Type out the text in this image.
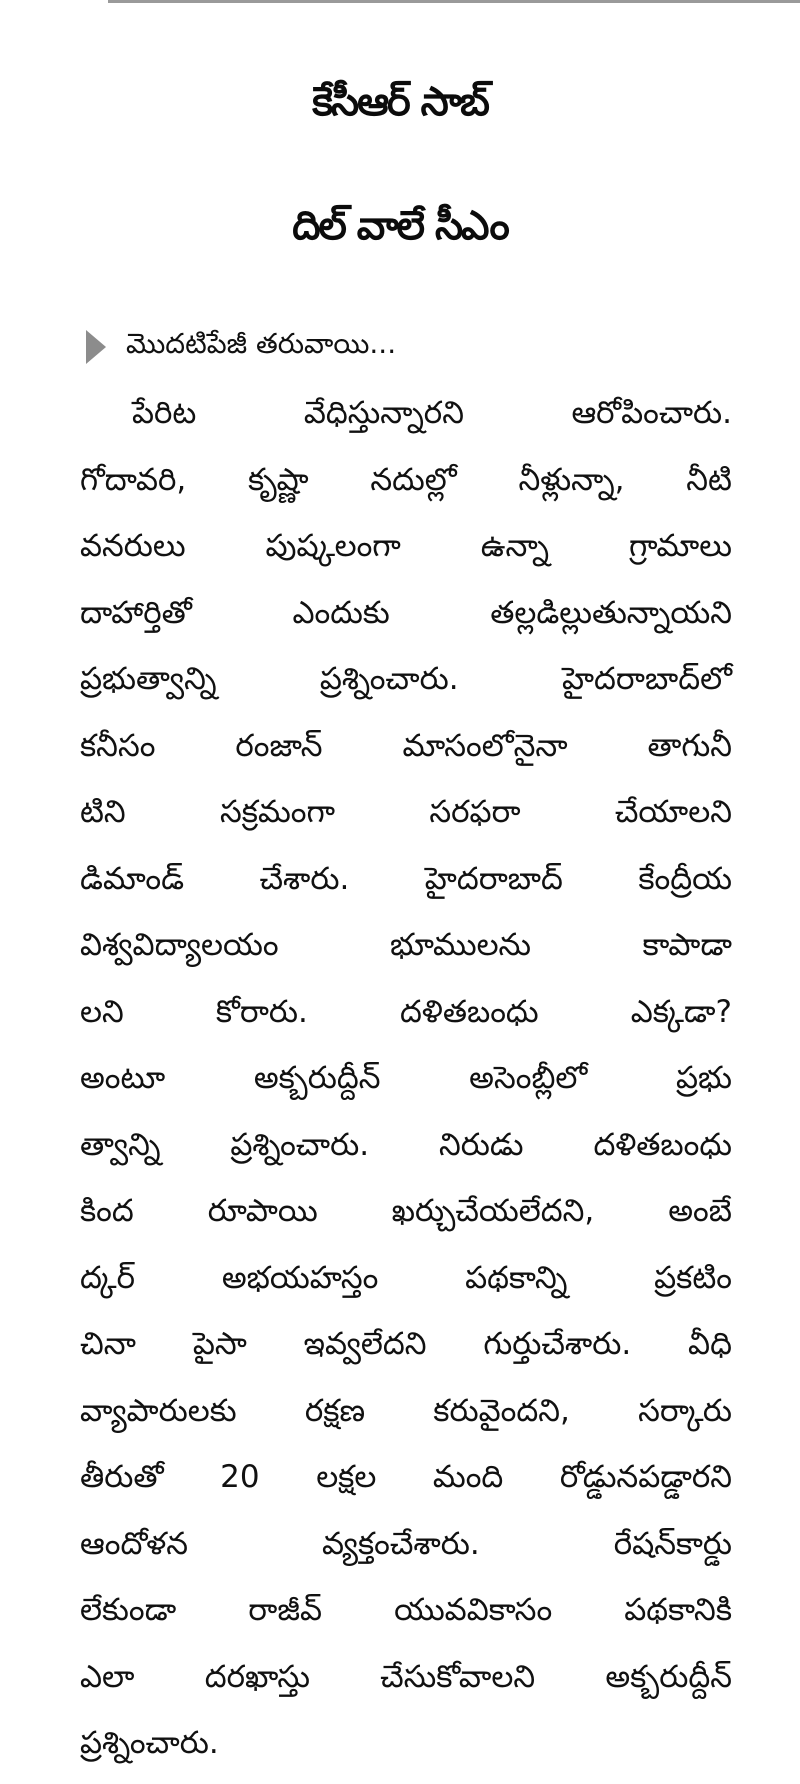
కేసీఆర్ సాబ్
దిల్ వాలే సీఎం
మొదటిపేజీ తరువాయి...
పేరిట వేధిస్తున్నారని ఆరోపించారు.
గోదావరి, కృష్ణా నదుల్లో నీళ్లున్నా, నీటి
వనరులు పుష్కలంగా ఉన్నా గ్రామాలు
దాహార్తితో ఎందుకు తల్లడిల్లుతున్నాయని
ప్రభుత్వాన్ని ప్రశ్నించారు. హైదరాబాద్‌లో
కనీసం రంజాన్ మాసంలోనైనా తాగునీ
టిని సక్రమంగా సరఫరా చేయాలని
డిమాండ్ చేశారు. హైదరాబాద్ కేంద్రీయ
విశ్వవిద్యాలయం భూములను కాపాడా
లని కోరారు. దళితబంధు ఎక్కడా?
అంటూ అక్బరుద్దీన్ అసెంబ్లీలో ప్రభు
త్వాన్ని ప్రశ్నించారు. నిరుడు దళితబంధు
కింద రూపాయి ఖర్చుచేయలేదని, అంబే
ద్కర్ అభయహస్తం పథకాన్ని ప్రకటిం
చినా పైసా ఇవ్వలేదని గుర్తుచేశారు. వీధి
వ్యాపారులకు రక్షణ కరువైందని, సర్కారు
తీరుతో 20 లక్షల మంది రోడ్డునపడ్డారని
ఆందోళన వ్యక్తంచేశారు. రేషన్‌కార్డు
లేకుండా రాజీవ్ యువవికాసం పథకానికి
ఎలా దరఖాస్తు చేసుకోవాలని అక్బరుద్దీన్
ప్రశ్నించారు.
